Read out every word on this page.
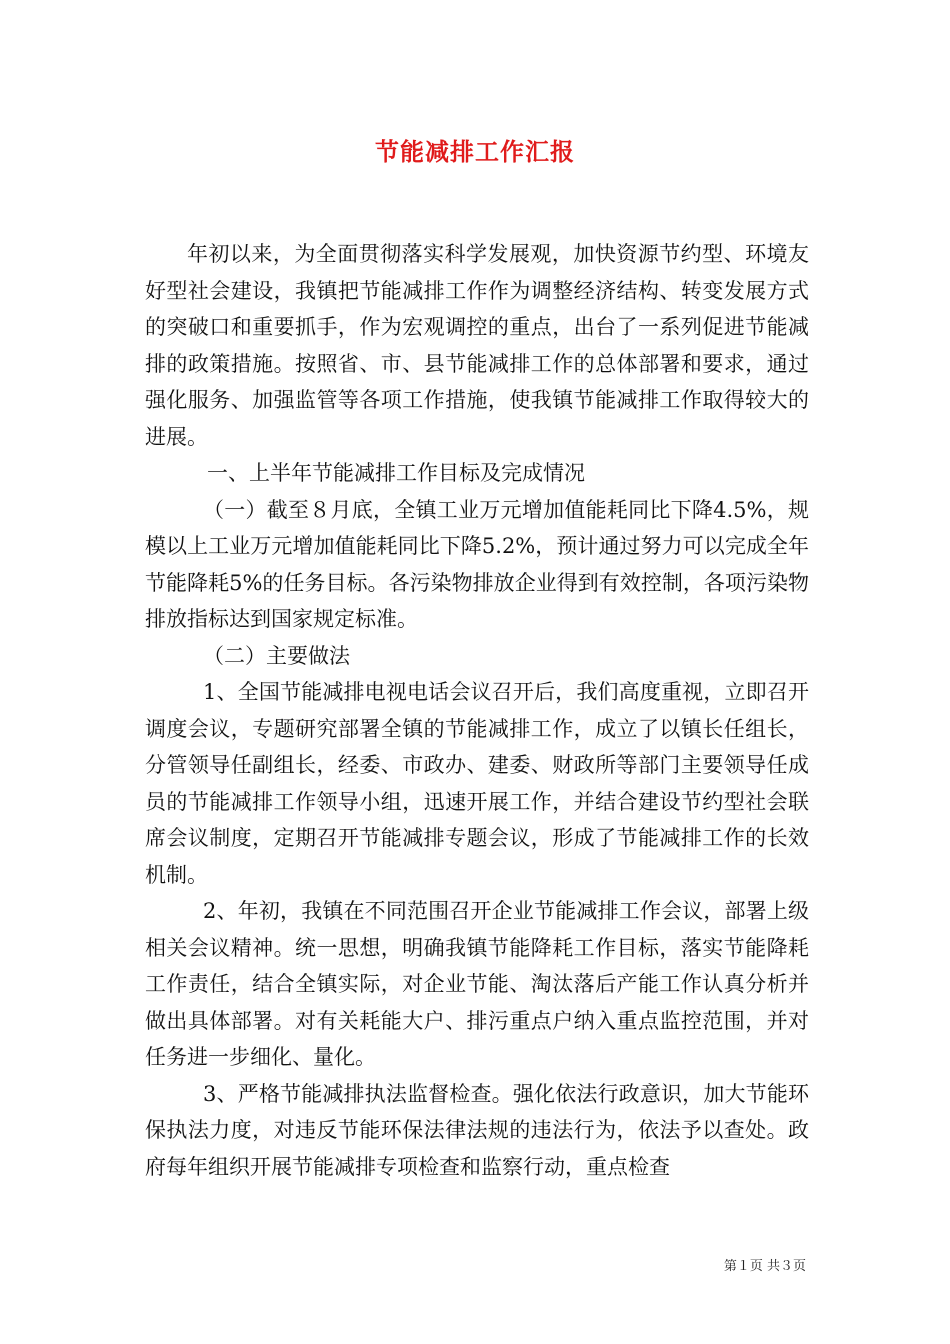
节能减排工作汇报

年初以来，为全面贯彻落实科学发展观，加快资源节约型、环境友好型社会建设，我镇把节能减排工作作为调整经济结构、转变发展方式的突破口和重要抓手，作为宏观调控的重点，出台了一系列促进节能减排的政策措施。按照省、市、县节能减排工作的总体部署和要求，通过强化服务、加强监管等各项工作措施，使我镇节能减排工作取得较大的进展。

一、上半年节能减排工作目标及完成情况

（一）截至８月底，全镇工业万元增加值能耗同比下降4.5%，规模以上工业万元增加值能耗同比下降5.2%，预计通过努力可以完成全年节能降耗5%的任务目标。各污染物排放企业得到有效控制，各项污染物排放指标达到国家规定标准。

（二）主要做法

1、全国节能减排电视电话会议召开后，我们高度重视，立即召开调度会议，专题研究部署全镇的节能减排工作，成立了以镇长任组长，分管领导任副组长，经委、市政办、建委、财政所等部门主要领导任成员的节能减排工作领导小组，迅速开展工作，并结合建设节约型社会联席会议制度，定期召开节能减排专题会议，形成了节能减排工作的长效机制。

2、年初，我镇在不同范围召开企业节能减排工作会议，部署上级相关会议精神。统一思想，明确我镇节能降耗工作目标，落实节能降耗工作责任，结合全镇实际，对企业节能、淘汰落后产能工作认真分析并做出具体部署。对有关耗能大户、排污重点户纳入重点监控范围，并对任务进一步细化、量化。

3、严格节能减排执法监督检查。强化依法行政意识，加大节能环保执法力度，对违反节能环保法律法规的违法行为，依法予以查处。政府每年组织开展节能减排专项检查和监察行动，重点检查

第１页 共３页
